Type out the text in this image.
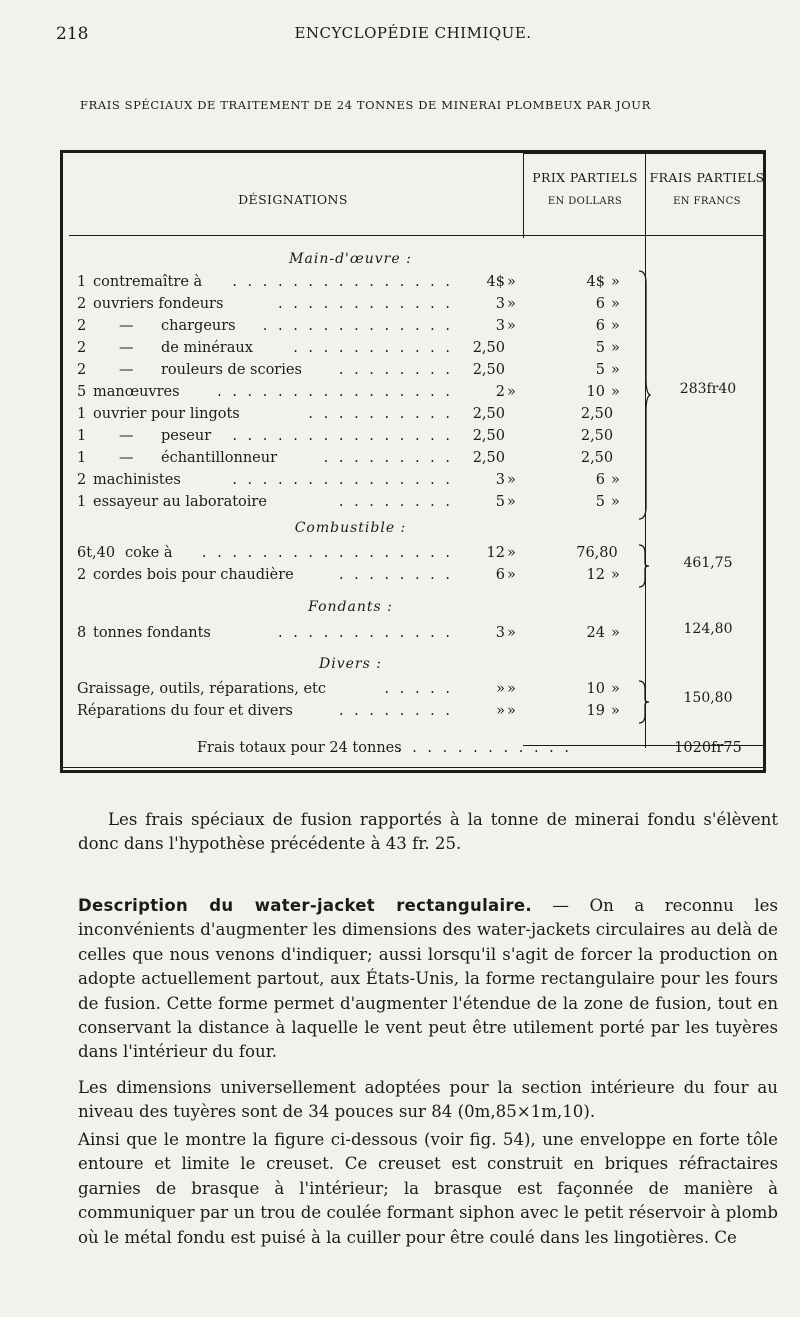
218	ENCYCLOPÉDIE CHIMIQUE.
FRAIS SPÉCIAUX DE TRAITEMENT DE 24 TONNES DE MINERAI PLOMBEUX PAR JOUR
DÉSIGNATIONS
PRIX PARTIELS
EN DOLLARS
FRAIS PARTIELS
EN FRANCS
Main-d'œuvre :
1 contremaître à . . . . . . . . . . . . . . .	4$ »	4$ »
2 ouvriers fondeurs	. . . . . . . . . . . .	3 »	6 »
2	— chargeurs . . . . . . . . . . . . .	3 »	6 »
2	— de minéraux	. . . . . . . . . . .	2,50	5 »
2	— rouleurs de scories	. . . . . . . .	2,50	5 »
5 manœuvres	. . . . . . . . . . . . . . . .	2 »	10 »
1 ouvrier pour lingots	. . . . . . . . . .	2,50	2,50
1	— peseur . . . . . . . . . . . . . . .	2,50	2,50
1	— échantillonneur	. . . . . . . . .	2,50	2,50
2 machinistes	. . . . . . . . . . . . . . .	3 »	6 »
1 essayeur au laboratoire	. . . . . . . .	5 »	5 »
283fr40
Combustible :
6t,40 coke à . . . . . . . . . . . . . . . . .	12 »	76,80
2 cordes bois pour chaudière	. . . . . . . .	6 »	12 »
461,75
Fondants :
8 tonnes fondants	. . . . . . . . . . . .	3 »	24 »	124,80
Divers :
Graissage, outils, réparations, etc	. . . . .	» »	10 »
Réparations du four et divers	. . . . . . . .	» »	19 »
150,80
Frais totaux pour 24 tonnes
. . . . . . . . . . . .	1020fr75

Les frais spéciaux de fusion rapportés à la tonne de minerai fondu s'élèvent donc dans l'hypothèse précédente à 43 fr. 25.

Description du water-jacket rectangulaire. — On a reconnu les inconvénients d'augmenter les dimensions des water-jackets circulaires au delà de celles que nous venons d'indiquer; aussi lorsqu'il s'agit de forcer la production on adopte actuellement partout, aux États-Unis, la forme rectangulaire pour les fours de fusion. Cette forme permet d'augmenter l'étendue de la zone de fusion, tout en conservant la distance à laquelle le vent peut être utilement porté par les tuyères dans l'intérieur du four.

Les dimensions universellement adoptées pour la section intérieure du four au niveau des tuyères sont de 34 pouces sur 84 (0m,85×1m,10).

Ainsi que le montre la figure ci-dessous (voir fig. 54), une enveloppe en forte tôle entoure et limite le creuset. Ce creuset est construit en briques réfractaires garnies de brasque à l'intérieur; la brasque est façonnée de manière à communiquer par un trou de coulée formant siphon avec le petit réservoir à plomb où le métal fondu est puisé à la cuiller pour être coulé dans les lingotières. Ce
